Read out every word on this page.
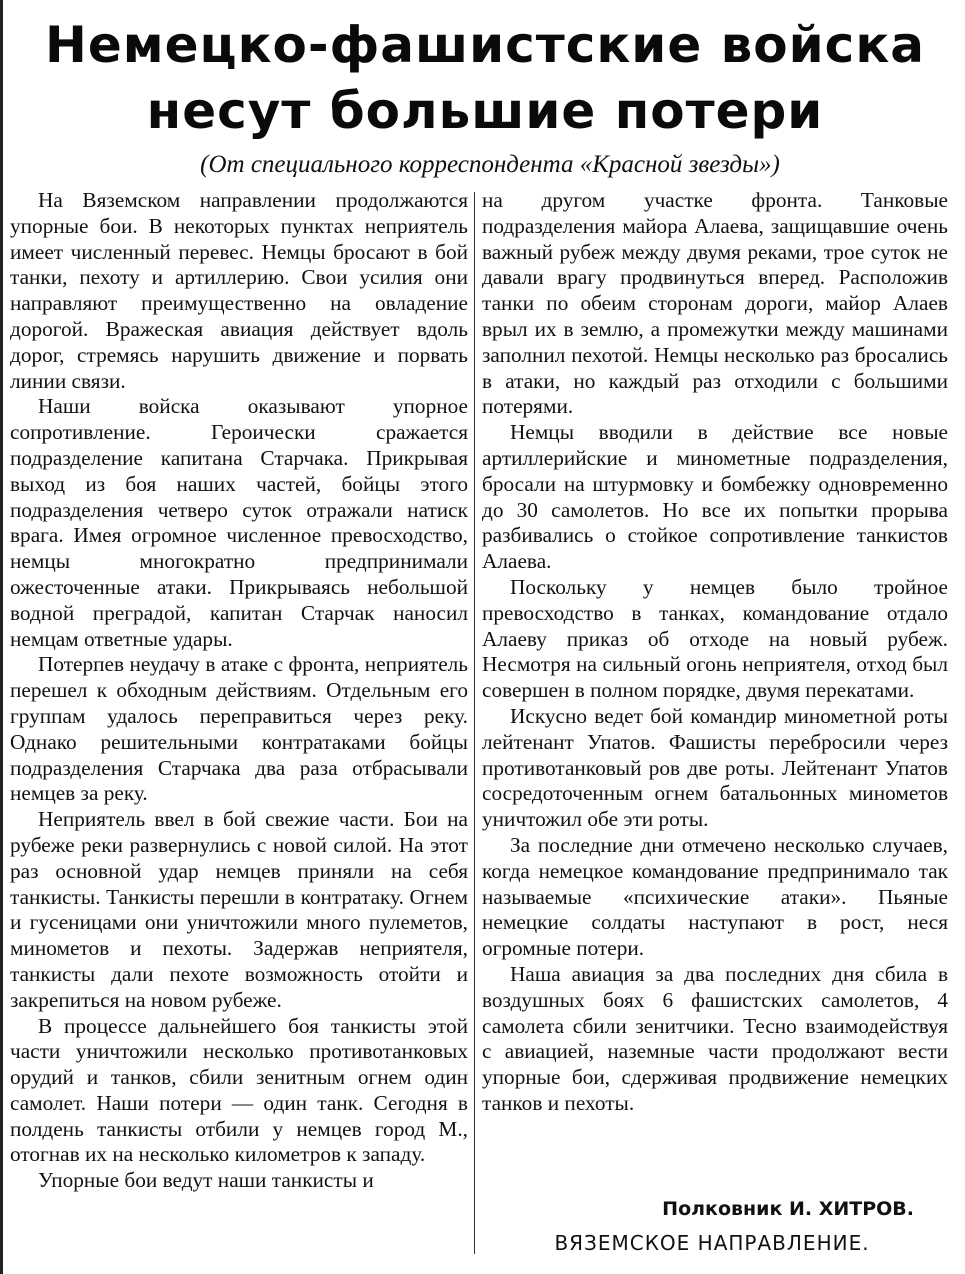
Немецко-фашистские войска
несут большие потери
(От специального корреспондента «Красной звезды»)

На Вяземском направлении продолжаются упорные бои. В некоторых пунктах неприятель имеет численный перевес. Немцы бросают в бой танки, пехоту и артиллерию. Свои усилия они направляют преимущественно на овладение дорогой. Вражеская авиация действует вдоль дорог, стремясь нарушить движение и порвать линии связи.

Наши войска оказывают упорное сопротивление. Героически сражается подразделение капитана Старчака. Прикрывая выход из боя наших частей, бойцы этого подразделения четверо суток отражали натиск врага. Имея огромное численное превосходство, немцы многократно предпринимали ожесточенные атаки. Прикрываясь небольшой водной преградой, капитан Старчак наносил немцам ответные удары.

Потерпев неудачу в атаке с фронта, неприятель перешел к обходным действиям. Отдельным его группам удалось переправиться через реку. Однако решительными контратаками бойцы подразделения Старчака два раза отбрасывали немцев за реку.

Неприятель ввел в бой свежие части. Бои на рубеже реки развернулись с новой силой. На этот раз основной удар немцев приняли на себя танкисты. Танкисты перешли в контратаку. Огнем и гусеницами они уничтожили много пулеметов, минометов и пехоты. Задержав неприятеля, танкисты дали пехоте возможность отойти и закрепиться на новом рубеже.

В процессе дальнейшего боя танкисты этой части уничтожили несколько противотанковых орудий и танков, сбили зенитным огнем один самолет. Наши потери — один танк. Сегодня в полдень танкисты отбили у немцев город М., отогнав их на несколько километров к западу.

Упорные бои ведут наши танкисты и

на другом участке фронта. Танковые подразделения майора Алаева, защищавшие очень важный рубеж между двумя реками, трое суток не давали врагу продвинуться вперед. Расположив танки по обеим сторонам дороги, майор Алаев врыл их в землю, а промежутки между машинами заполнил пехотой. Немцы несколько раз бросались в атаки, но каждый раз отходили с большими потерями.

Немцы вводили в действие все новые артиллерийские и минометные подразделения, бросали на штурмовку и бомбежку одновременно до 30 самолетов. Но все их попытки прорыва разбивались о стойкое сопротивление танкистов Алаева.

Поскольку у немцев было тройное превосходство в танках, командование отдало Алаеву приказ об отходе на новый рубеж. Несмотря на сильный огонь неприятеля, отход был совершен в полном порядке, двумя перекатами.

Искусно ведет бой командир минометной роты лейтенант Упатов. Фашисты перебросили через противотанковый ров две роты. Лейтенант Упатов сосредоточенным огнем батальонных минометов уничтожил обе эти роты.

За последние дни отмечено несколько случаев, когда немецкое командование предпринимало так называемые «психические атаки». Пьяные немецкие солдаты наступают в рост, неся огромные потери.

Наша авиация за два последних дня сбила в воздушных боях 6 фашистских самолетов, 4 самолета сбили зенитчики. Тесно взаимодействуя с авиацией, наземные части продолжают вести упорные бои, сдерживая продвижение немецких танков и пехоты.

Полковник И. ХИТРОВ.
ВЯЗЕМСКОЕ НАПРАВЛЕНИЕ.
